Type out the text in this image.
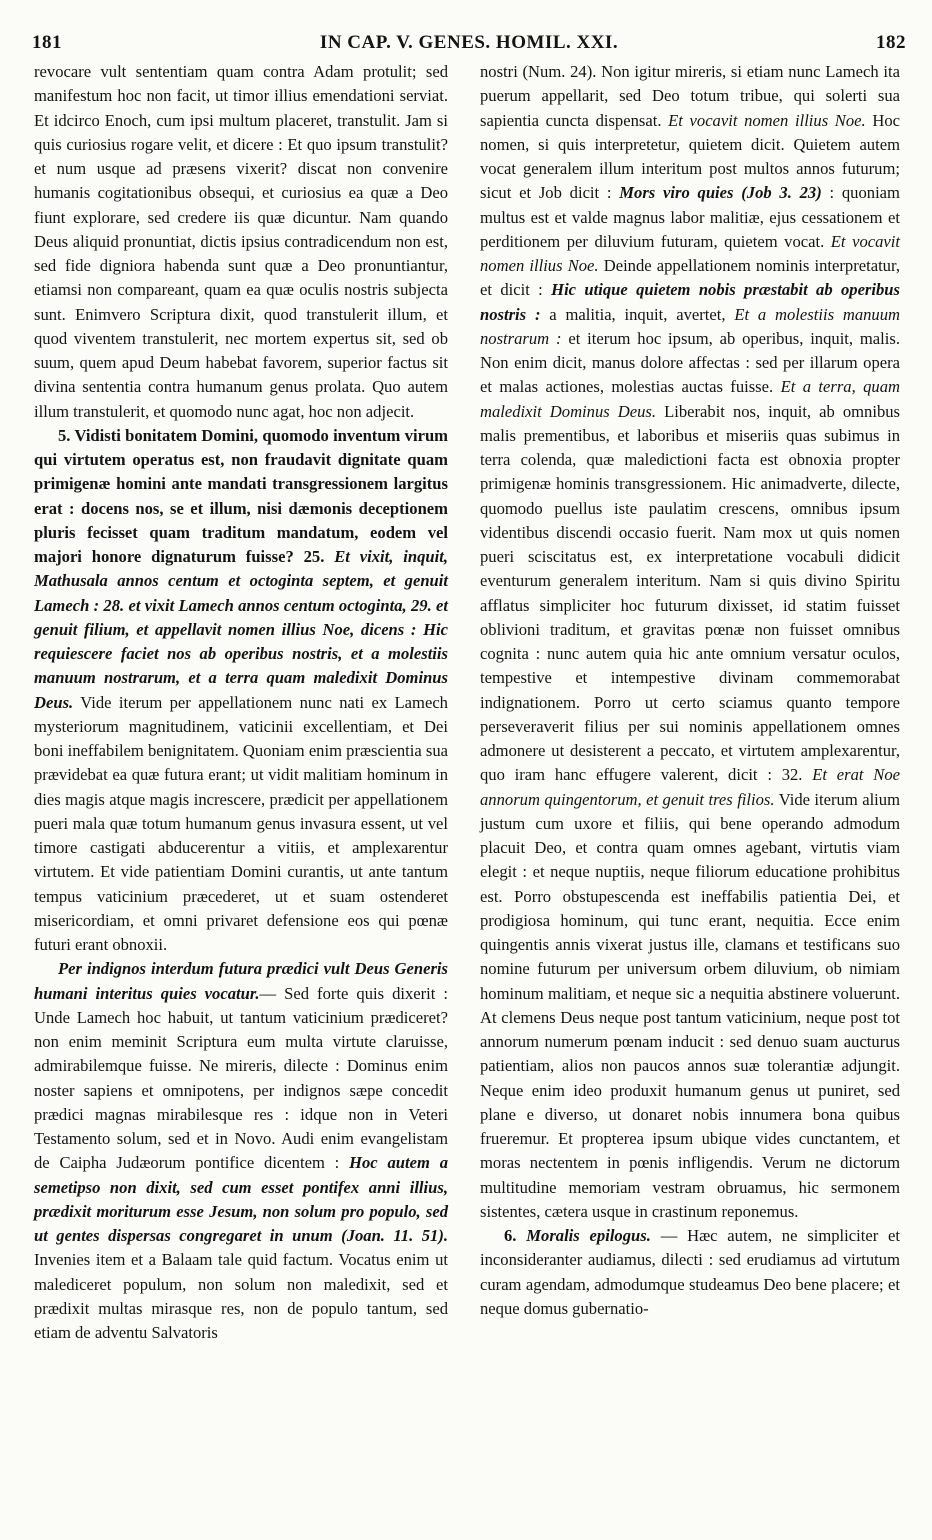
181	IN CAP. V. GENES. HOMIL. XXI.	182

revocare vult sententiam quam contra Adam protulit; sed manifestum hoc non facit, ut timor illius emendationi serviat. Et idcirco Enoch, cum ipsi multum placeret, transtulit. Jam si quis curiosius rogare velit, et dicere : Et quo ipsum transtulit? et num usque ad præsens vixerit? discat non convenire humanis cogitationibus obsequi, et curiosius ea quæ a Deo fiunt explorare, sed credere iis quæ dicuntur. Nam quando Deus aliquid pronuntiat, dictis ipsius contradicendum non est, sed fide digniora habenda sunt quæ a Deo pronuntiantur, etiamsi non compareant, quam ea quæ oculis nostris subjecta sunt. Enimvero Scriptura dixit, quod transtulerit illum, et quod viventem transtulerit, nec mortem expertus sit, sed ob suum, quem apud Deum habebat favorem, superior factus sit divina sententia contra humanum genus prolata. Quo autem illum transtulerit, et quomodo nunc agat, hoc non adjecit.

5. Vidisti bonitatem Domini, quomodo inventum virum qui virtutem operatus est, non fraudavit dignitate quam primigenæ homini ante mandati transgressionem largitus erat : docens nos, se et illum, nisi dæmonis deceptionem pluris fecisset quam traditum mandatum, eodem vel majori honore dignaturum fuisse? 25. Et vixit, inquit, Mathusala annos centum et octoginta septem, et genuit Lamech : 28. et vixit Lamech annos centum octoginta, 29. et genuit filium, et appellavit nomen illius Noe, dicens : Hic requiescere faciet nos ab operibus nostris, et a molestiis manuum nostrarum, et a terra quam maledixit Dominus Deus. Vide iterum per appellationem nunc nati ex Lamech mysteriorum magnitudinem, vaticinii excellentiam, et Dei boni ineffabilem benignitatem. Quoniam enim præscientia sua prævidebat ea quæ futura erant; ut vidit malitiam hominum in dies magis atque magis increscere, prædicit per appellationem pueri mala quæ totum humanum genus invasura essent, ut vel timore castigati abducerentur a vitiis, et amplexarentur virtutem. Et vide patientiam Domini curantis, ut ante tantum tempus vaticinium præcederet, ut et suam ostenderet misericordiam, et omni privaret defensione eos qui pœnæ futuri erant obnoxii.

Per indignos interdum futura prædici vult Deus Generis humani interitus quies vocatur.— Sed forte quis dixerit : Unde Lamech hoc habuit, ut tantum vaticinium prædiceret? non enim meminit Scriptura eum multa virtute claruisse, admirabilemque fuisse. Ne mireris, dilecte : Dominus enim noster sapiens et omnipotens, per indignos sæpe concedit prædici magnas mirabilesque res : idque non in Veteri Testamento solum, sed et in Novo. Audi enim evangelistam de Caipha Judæorum pontifice dicentem : Hoc autem a semetipso non dixit, sed cum esset pontifex anni illius, prædixit moriturum esse Jesum, non solum pro populo, sed ut gentes dispersas congregaret in unum (Joan. 11. 51). Invenies item et a Balaam tale quid factum. Vocatus enim ut malediceret populum, non solum non maledixit, sed et prædixit multas mirasque res, non de populo tantum, sed etiam de adventu Salvatoris

nostri (Num. 24). Non igitur mireris, si etiam nunc Lamech ita puerum appellarit, sed Deo totum tribue, qui solerti sua sapientia cuncta dispensat. Et vocavit nomen illius Noe. Hoc nomen, si quis interpretetur, quietem dicit. Quietem autem vocat generalem illum interitum post multos annos futurum; sicut et Job dicit : Mors viro quies (Job 3. 23) : quoniam multus est et valde magnus labor malitiæ, ejus cessationem et perditionem per diluvium futuram, quietem vocat. Et vocavit nomen illius Noe. Deinde appellationem nominis interpretatur, et dicit : Hic utique quietem nobis præstabit ab operibus nostris : a malitia, inquit, avertet, Et a molestiis manuum nostrarum : et iterum hoc ipsum, ab operibus, inquit, malis. Non enim dicit, manus dolore affectas : sed per illarum opera et malas actiones, molestias auctas fuisse. Et a terra, quam maledixit Dominus Deus. Liberabit nos, inquit, ab omnibus malis prementibus, et laboribus et miseriis quas subimus in terra colenda, quæ maledictioni facta est obnoxia propter primigenæ hominis transgressionem. Hic animadverte, dilecte, quomodo puellus iste paulatim crescens, omnibus ipsum videntibus discendi occasio fuerit. Nam mox ut quis nomen pueri sciscitatus est, ex interpretatione vocabuli didicit eventurum generalem interitum. Nam si quis divino Spiritu afflatus simpliciter hoc futurum dixisset, id statim fuisset oblivioni traditum, et gravitas pœnæ non fuisset omnibus cognita : nunc autem quia hic ante omnium versatur oculos, tempestive et intempestive divinam commemorabat indignationem. Porro ut certo sciamus quanto tempore perseveraverit filius per sui nominis appellationem omnes admonere ut desisterent a peccato, et virtutem amplexarentur, quo iram hanc effugere valerent, dicit : 32. Et erat Noe annorum quingentorum, et genuit tres filios. Vide iterum alium justum cum uxore et filiis, qui bene operando admodum placuit Deo, et contra quam omnes agebant, virtutis viam elegit : et neque nuptiis, neque filiorum educatione prohibitus est. Porro obstupescenda est ineffabilis patientia Dei, et prodigiosa hominum, qui tunc erant, nequitia. Ecce enim quingentis annis vixerat justus ille, clamans et testificans suo nomine futurum per universum orbem diluvium, ob nimiam hominum malitiam, et neque sic a nequitia abstinere voluerunt. At clemens Deus neque post tantum vaticinium, neque post tot annorum numerum pœnam inducit : sed denuo suam aucturus patientiam, alios non paucos annos suæ tolerantiæ adjungit. Neque enim ideo produxit humanum genus ut puniret, sed plane e diverso, ut donaret nobis innumera bona quibus frueremur. Et propterea ipsum ubique vides cunctantem, et moras nectentem in pœnis infligendis. Verum ne dictorum multitudine memoriam vestram obruamus, hic sermonem sistentes, cætera usque in crastinum reponemus.

6. Moralis epilogus. — Hæc autem, ne simpliciter et inconsideranter audiamus, dilecti : sed erudiamus ad virtutum curam agendam, admodumque studeamus Deo bene placere; et neque domus gubernatio-
